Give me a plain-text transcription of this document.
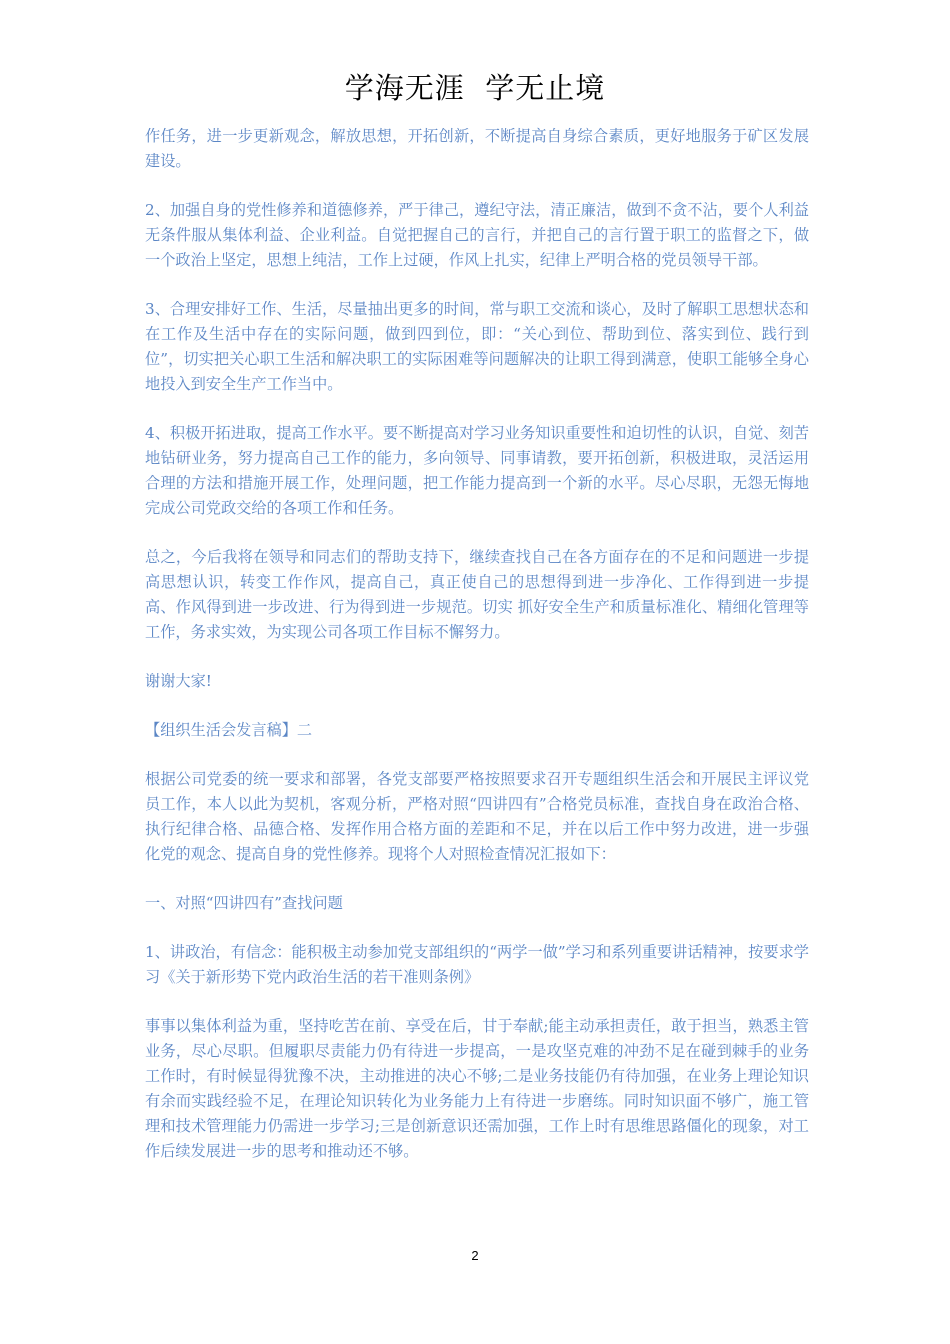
学海无涯  学无止境

作任务，进一步更新观念，解放思想，开拓创新，不断提高自身综合素质，更好地服务于矿区发展建设。

2、加强自身的党性修养和道德修养，严于律己，遵纪守法，清正廉洁，做到不贪不沾，要个人利益无条件服从集体利益、企业利益。自觉把握自己的言行，并把自己的言行置于职工的监督之下，做一个政治上坚定，思想上纯洁，工作上过硬，作风上扎实，纪律上严明合格的党员领导干部。

3、合理安排好工作、生活，尽量抽出更多的时间，常与职工交流和谈心，及时了解职工思想状态和在工作及生活中存在的实际问题，做到四到位，即：“关心到位、帮助到位、落实到位、践行到位”，切实把关心职工生活和解决职工的实际困难等问题解决的让职工得到满意，使职工能够全身心地投入到安全生产工作当中。

4、积极开拓进取，提高工作水平。要不断提高对学习业务知识重要性和迫切性的认识，自觉、刻苦地钻研业务，努力提高自己工作的能力，多向领导、同事请教，要开拓创新，积极进取，灵活运用合理的方法和措施开展工作，处理问题，把工作能力提高到一个新的水平。尽心尽职，无怨无悔地完成公司党政交给的各项工作和任务。

总之，今后我将在领导和同志们的帮助支持下，继续查找自己在各方面存在的不足和问题进一步提高思想认识，转变工作作风，提高自己，真正使自己的思想得到进一步净化、工作得到进一步提高、作风得到进一步改进、行为得到进一步规范。切实 抓好安全生产和质量标准化、精细化管理等工作，务求实效，为实现公司各项工作目标不懈努力。

谢谢大家!

【组织生活会发言稿】二

根据公司党委的统一要求和部署，各党支部要严格按照要求召开专题组织生活会和开展民主评议党员工作，本人以此为契机，客观分析，严格对照“四讲四有”合格党员标准，查找自身在政治合格、执行纪律合格、品德合格、发挥作用合格方面的差距和不足，并在以后工作中努力改进，进一步强化党的观念、提高自身的党性修养。现将个人对照检查情况汇报如下：

一、对照“四讲四有”查找问题

1、讲政治，有信念：能积极主动参加党支部组织的“两学一做”学习和系列重要讲话精神，按要求学习《关于新形势下党内政治生活的若干准则条例》

事事以集体利益为重，坚持吃苦在前、享受在后，甘于奉献;能主动承担责任，敢于担当，熟悉主管业务，尽心尽职。但履职尽责能力仍有待进一步提高，一是攻坚克难的冲劲不足在碰到棘手的业务工作时，有时候显得犹豫不决，主动推进的决心不够;二是业务技能仍有待加强，在业务上理论知识有余而实践经验不足，在理论知识转化为业务能力上有待进一步磨练。同时知识面不够广，施工管理和技术管理能力仍需进一步学习;三是创新意识还需加强，工作上时有思维思路僵化的现象，对工作后续发展进一步的思考和推动还不够。

2
